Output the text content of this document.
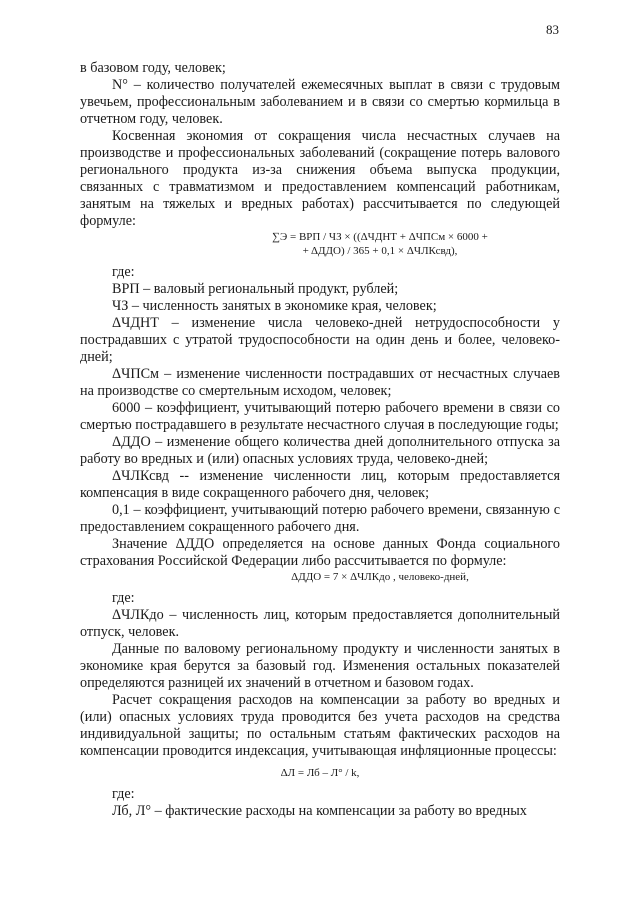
83

в базовом году, человек;

N° – количество получателей ежемесячных выплат в связи с трудовым увечьем, профессиональным заболеванием и в связи со смертью кормильца в отчетном году, человек.

Косвенная экономия от сокращения числа несчастных случаев на производстве и профессиональных заболеваний (сокращение потерь валового регионального продукта из-за снижения объема выпуска продукции, связанных с травматизмом и предоставлением компенсаций работникам, занятым на тяжелых и вредных работах) рассчитывается по следующей формуле:

∑Э = ВРП / ЧЗ × ((ΔЧДНТ + ΔЧПСм × 6000 +

+ ΔДДО) / 365 + 0,1 × ΔЧЛКсвд),

где:

ВРП – валовый региональный продукт, рублей;

ЧЗ – численность занятых в экономике края, человек;

ΔЧДНТ – изменение числа человеко-дней нетрудоспособности у пострадавших с утратой трудоспособности на один день и более, человеко-дней;

ΔЧПСм – изменение численности пострадавших от несчастных случаев на производстве со смертельным исходом, человек;

6000 – коэффициент, учитывающий потерю рабочего времени в связи со смертью пострадавшего в результате несчастного случая в последующие годы;

ΔДДО – изменение общего количества дней дополнительного отпуска за работу во вредных и (или) опасных условиях труда, человеко-дней;

ΔЧЛКсвд -- изменение численности лиц, которым предоставляется компенсация в виде сокращенного рабочего дня, человек;

0,1 – коэффициент, учитывающий потерю рабочего времени, связанную с предоставлением сокращенного рабочего дня.

Значение ΔДДО определяется на основе данных Фонда социального страхования Российской Федерации либо рассчитывается по формуле:

ΔДДО = 7 × ΔЧЛКдо , человеко-дней,

где:

ΔЧЛКдо – численность лиц, которым предоставляется дополнительный отпуск, человек.

Данные по валовому региональному продукту и численности занятых в экономике края берутся за базовый год. Изменения остальных показателей определяются разницей их значений в отчетном и базовом годах.

Расчет сокращения расходов на компенсации за работу во вредных и (или) опасных условиях труда проводится без учета расходов на средства индивидуальной защиты; по остальным статьям фактических расходов на компенсации проводится индексация, учитывающая инфляционные процессы:

ΔЛ = Лб – Л° / k,

где:

Лб, Л° – фактические расходы на компенсации за работу во вредных
